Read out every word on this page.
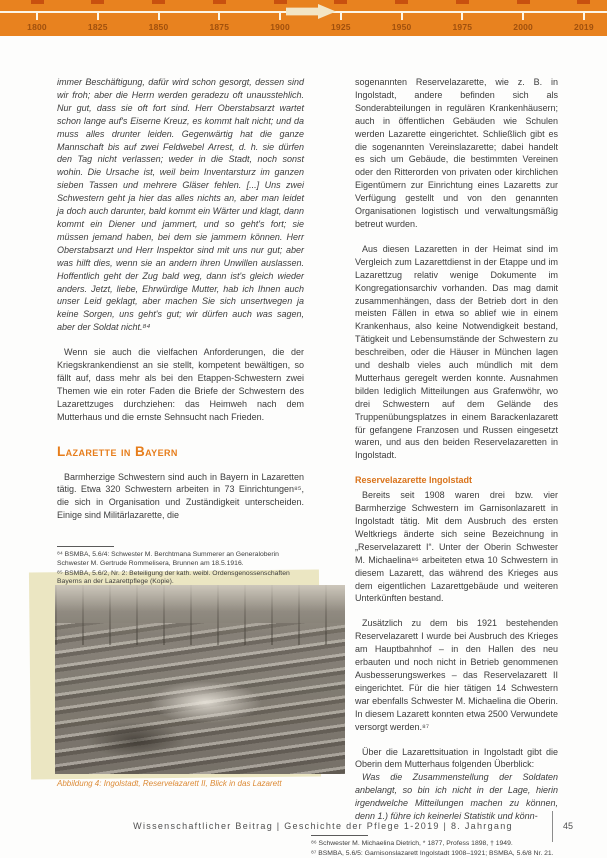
1800	1825	1850	1875	1900	1925	1950	1975	2000	2019
Abbildung 4: Ingolstadt, Reservelazarett II, Blick in das Lazarett

immer Beschäftigung, dafür wird schon gesorgt, dessen sind wir froh; aber die Herrn werden geradezu oft unausstehlich. Nur gut, dass sie oft fort sind. Herr Oberstabsarzt wartet schon lange auf's Eiserne Kreuz, es kommt halt nicht; und da muss alles drunter leiden. Gegenwärtig hat die ganze Mannschaft bis auf zwei Feldwebel Arrest, d. h. sie dürfen den Tag nicht verlassen; weder in die Stadt, noch sonst wohin. Die Ursache ist, weil beim Inventarsturz im ganzen sieben Tassen und mehrere Gläser fehlen. [...] Uns zwei Schwestern geht ja hier das alles nichts an, aber man leidet ja doch auch darunter, bald kommt ein Wärter und klagt, dann kommt ein Diener und jammert, und so geht's fort; sie müssen jemand haben, bei dem sie jammern können. Herr Oberstabsarzt und Herr Inspektor sind mit uns nur gut; aber was hilft dies, wenn sie an andern ihren Unwillen auslassen. Hoffentlich geht der Zug bald weg, dann ist's gleich wieder anders. Jetzt, liebe, Ehrwürdige Mutter, hab ich Ihnen auch unser Leid geklagt, aber machen Sie sich unsertwegen ja keine Sorgen, uns geht's gut; wir dürfen auch was sagen, aber der Soldat nicht.⁸⁴

Wenn sie auch die vielfachen Anforderungen, die der Kriegskrankendienst an sie stellt, kompetent bewältigen, so fällt auf, dass mehr als bei den Etappen-Schwestern zwei Themen wie ein roter Faden die Briefe der Schwestern des Lazarettzuges durchziehen: das Heimweh nach dem Mutterhaus und die ernste Sehnsucht nach Frieden.

Lazarette in Bayern

Barmherzige Schwestern sind auch in Bayern in Lazaretten tätig. Etwa 320 Schwestern arbeiten in 73 Einrichtungen⁸⁵, die sich in Organisation und Zuständigkeit unterscheiden. Einige sind Militärlazarette, die

⁸⁴ BSMBA, 5.6/4: Schwester M. Berchtmana Summerer an Generaloberin Schwester M. Gertrude Rommelisera, Brunnen am 18.5.1916.

⁸⁵ BSMBA, 5.6/2, Nr. 2: Beteiligung der kath. weibl. Ordensgenossenschaften Bayerns an der Lazarettpflege (Kopie).

sogenannten Reservelazarette, wie z. B. in Ingolstadt, andere befinden sich als Sonderabteilungen in regulären Krankenhäusern; auch in öffentlichen Gebäuden wie Schulen werden Lazarette eingerichtet. Schließlich gibt es die sogenannten Vereinslazarette; dabei handelt es sich um Gebäude, die bestimmten Vereinen oder den Ritterorden von privaten oder kirchlichen Eigentümern zur Einrichtung eines Lazaretts zur Verfügung gestellt und von den genannten Organisationen logistisch und verwaltungsmäßig betreut wurden.

Aus diesen Lazaretten in der Heimat sind im Vergleich zum Lazarettdienst in der Etappe und im Lazarettzug relativ wenige Dokumente im Kongregationsarchiv vorhanden. Das mag damit zusammenhängen, dass der Betrieb dort in den meisten Fällen in etwa so ablief wie in einem Krankenhaus, also keine Notwendigkeit bestand, Tätigkeit und Lebensumstände der Schwestern zu beschreiben, oder die Häuser in München lagen und deshalb vieles auch mündlich mit dem Mutterhaus geregelt werden konnte. Ausnahmen bilden lediglich Mitteilungen aus Grafenwöhr, wo drei Schwestern auf dem Gelände des Truppenübungsplatzes in einem Barackenlazarett für gefangene Franzosen und Russen eingesetzt waren, und aus den beiden Reservelazaretten in Ingolstadt.

Reservelazarette Ingolstadt

Bereits seit 1908 waren drei bzw. vier Barmherzige Schwestern im Garnisonlazarett in Ingolstadt tätig. Mit dem Ausbruch des ersten Weltkriegs änderte sich seine Bezeichnung in „Reservelazarett I“. Unter der Oberin Schwester M. Michaelina⁸⁶ arbeiteten etwa 10 Schwestern in diesem Lazarett, das während des Krieges aus dem eigentlichen Lazarettgebäude und weiteren Unterkünften bestand.

Zusätzlich zu dem bis 1921 bestehenden Reservelazarett I wurde bei Ausbruch des Krieges am Hauptbahnhof – in den Hallen des neu erbauten und noch nicht in Betrieb genommenen Ausbesserungswerkes – das Reservelazarett II eingerichtet. Für die hier tätigen 14 Schwestern war ebenfalls Schwester M. Michaelina die Oberin. In diesem Lazarett konnten etwa 2500 Verwundete versorgt werden.⁸⁷

Über die Lazarettsituation in Ingolstadt gibt die Oberin dem Mutterhaus folgenden Überblick:

Was die Zusammenstellung der Soldaten anbelangt, so bin ich nicht in der Lage, hierin irgendwelche Mitteilungen machen zu können, denn 1.) führe ich keinerlei Statistik und könn-

⁸⁶ Schwester M. Michaelina Dietrich, * 1877, Profess 1898, † 1949.

⁸⁷ BSMBA, 5.6/5: Garnisonslazarett Ingolstadt 1908–1921; BSMBA, 5.6/8 Nr. 21.

Wissenschaftlicher Beitrag | Geschichte der Pflege 1-2019 | 8. Jahrgang	45
